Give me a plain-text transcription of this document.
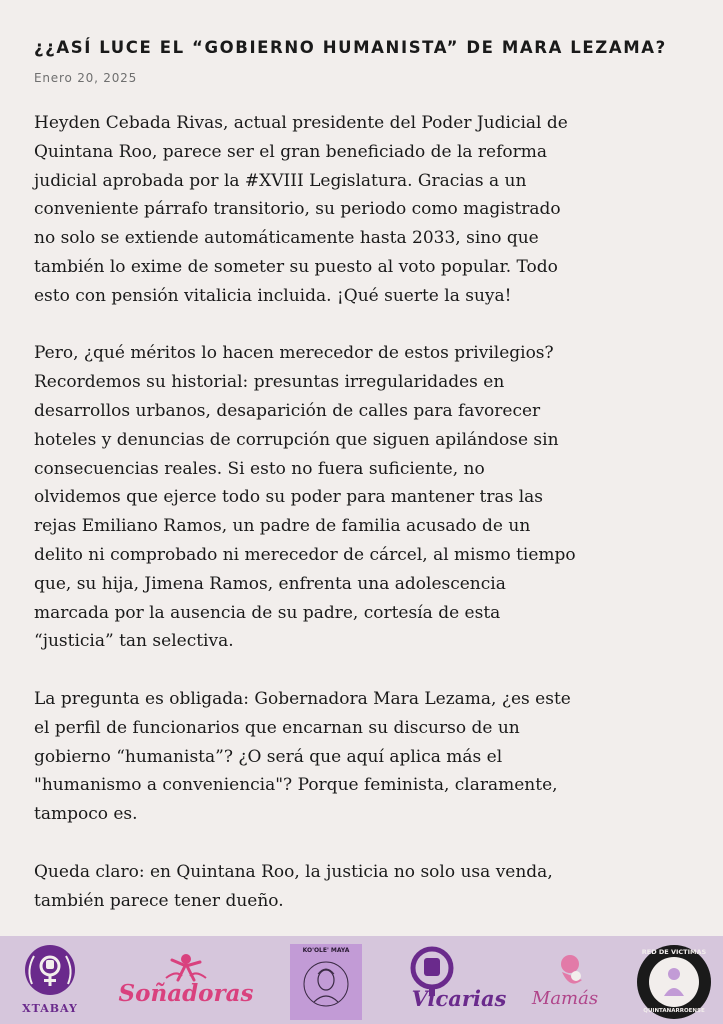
¿¿ASÍ LUCE EL “GOBIERNO HUMANISTA” DE MARA LEZAMA?
Enero 20, 2025

Heyden Cebada Rivas, actual presidente del Poder Judicial de
Quintana Roo, parece ser el gran beneficiado de la reforma
judicial aprobada por la #XVIII Legislatura. Gracias a un
conveniente párrafo transitorio, su periodo como magistrado
no solo se extiende automáticamente hasta 2033, sino que
también lo exime de someter su puesto al voto popular. Todo
esto con pensión vitalicia incluida. ¡Qué suerte la suya!

Pero, ¿qué méritos lo hacen merecedor de estos privilegios?
Recordemos su historial: presuntas irregularidades en
desarrollos urbanos, desaparición de calles para favorecer
hoteles y denuncias de corrupción que siguen apilándose sin
consecuencias reales. Si esto no fuera suficiente, no
olvidemos que ejerce todo su poder para mantener tras las
rejas Emiliano Ramos, un padre de familia acusado de un
delito ni comprobado ni merecedor de cárcel, al mismo tiempo
que, su hija, Jimena Ramos, enfrenta una adolescencia
marcada por la ausencia de su padre, cortesía de esta
“justicia” tan selectiva.

La pregunta es obligada: Gobernadora Mara Lezama, ¿es este
el perfil de funcionarios que encarnan su discurso de un
gobierno “humanista”? ¿O será que aquí aplica más el
"humanismo a conveniencia"? Porque feminista, claramente,
tampoco es.

Queda claro: en Quintana Roo, la justicia no solo usa venda,
también parece tener dueño.

XTABAY
Soñadoras
KO'OLE' MAYA
Vicarias	Mamás
RED DE VICTIMAS
QUINTANARROENSE
